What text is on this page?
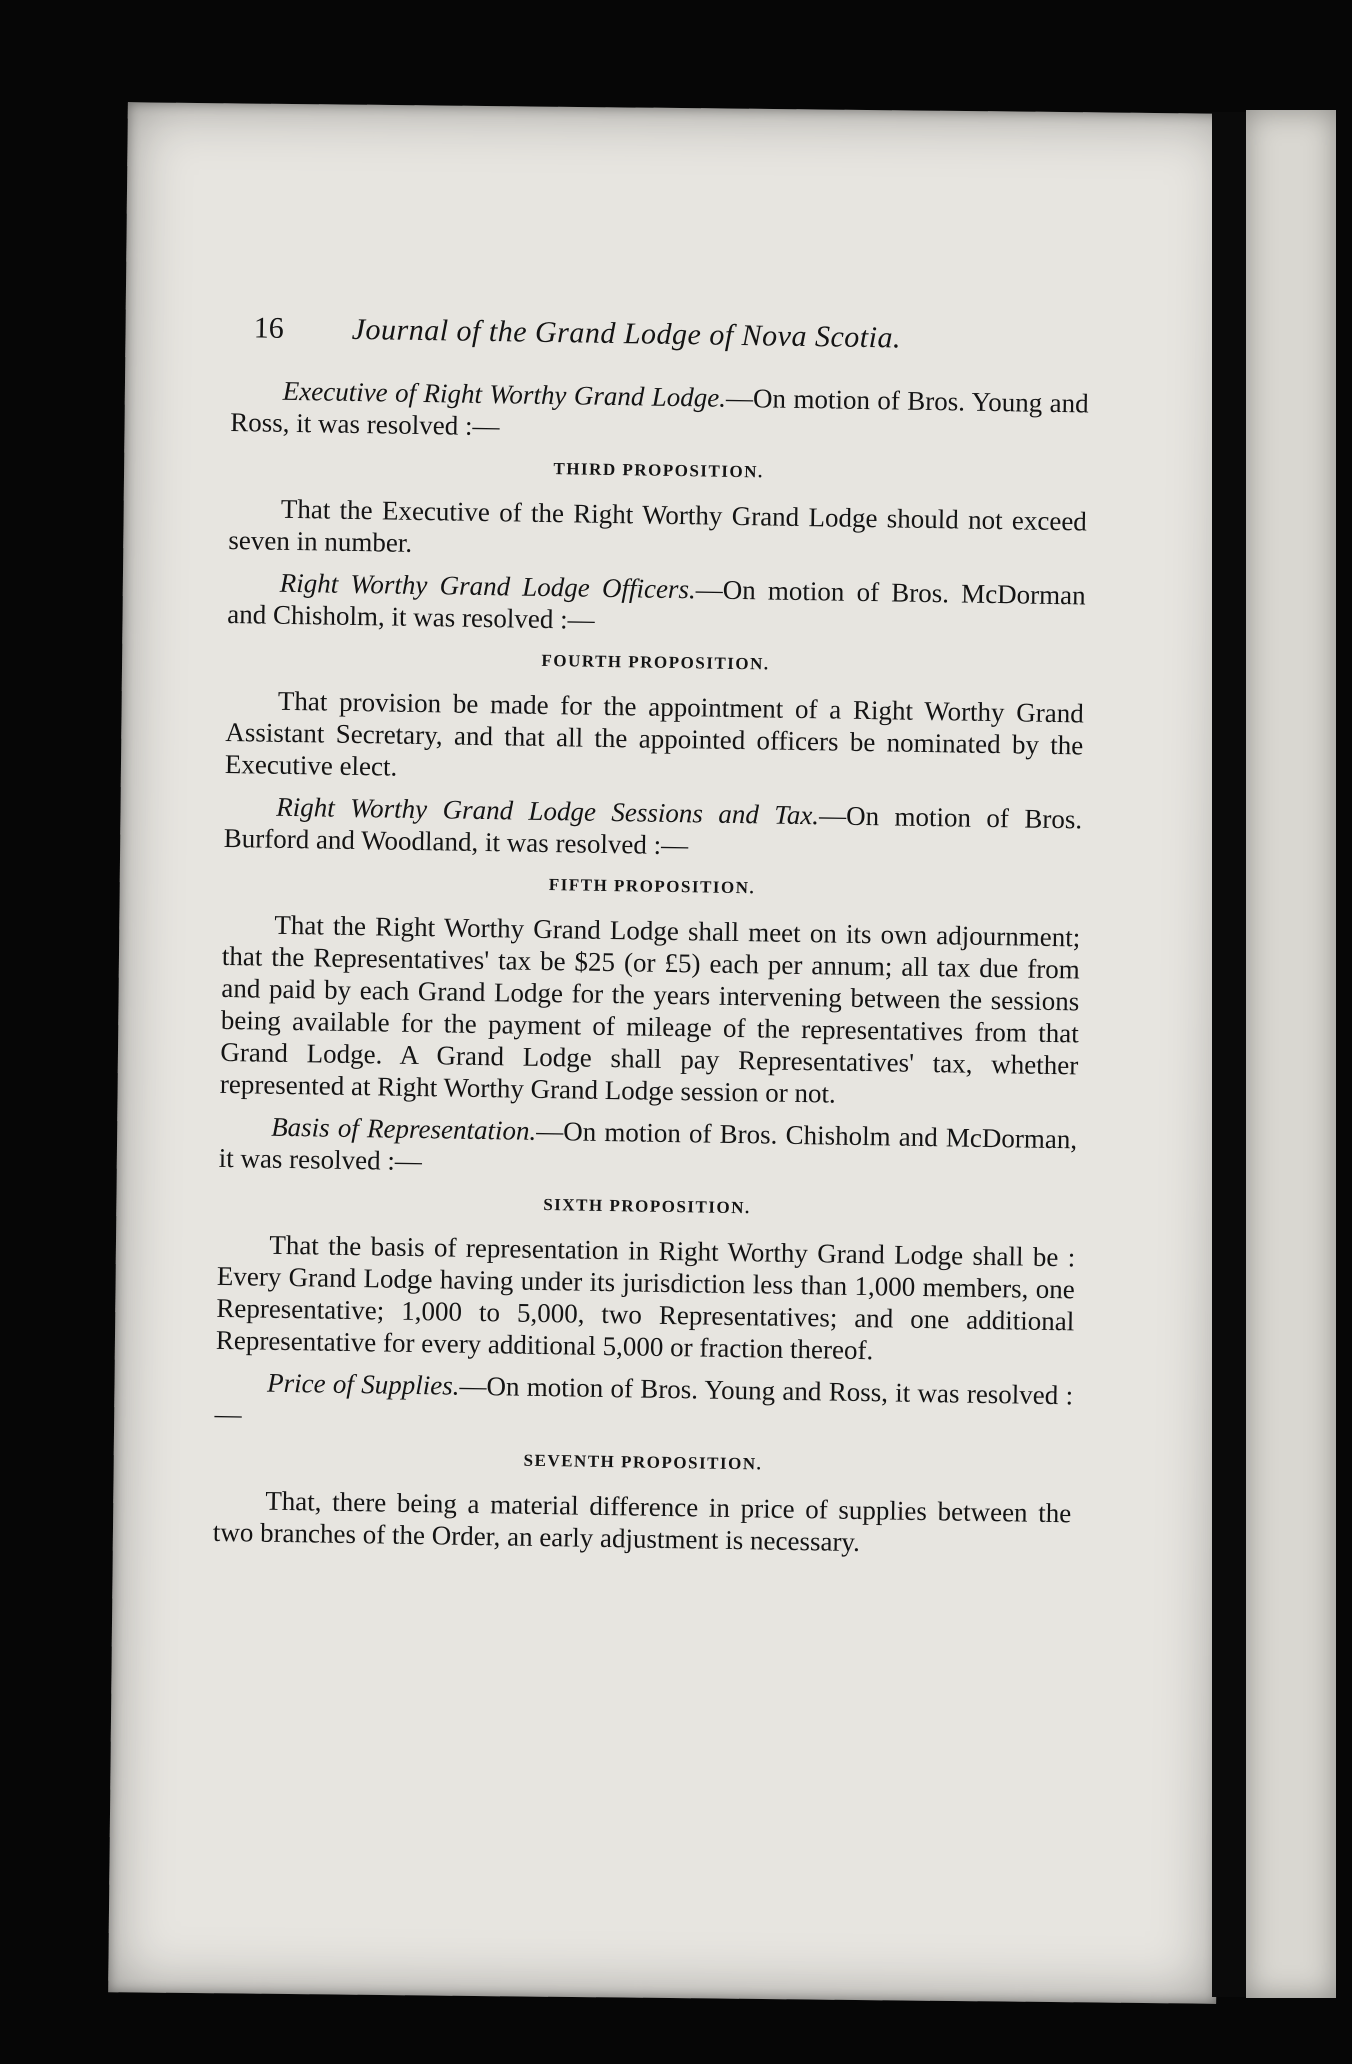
16 Journal of the Grand Lodge of Nova Scotia.

Executive of Right Worthy Grand Lodge.—On motion of Bros. Young and Ross, it was resolved :—

THIRD PROPOSITION.

That the Executive of the Right Worthy Grand Lodge should not exceed seven in number.

Right Worthy Grand Lodge Officers.—On motion of Bros. McDorman and Chisholm, it was resolved :—

FOURTH PROPOSITION.

That provision be made for the appointment of a Right Worthy Grand Assistant Secretary, and that all the appointed officers be nominated by the Executive elect.

Right Worthy Grand Lodge Sessions and Tax.—On motion of Bros. Burford and Woodland, it was resolved :—

FIFTH PROPOSITION.

That the Right Worthy Grand Lodge shall meet on its own adjournment; that the Representatives' tax be $25 (or £5) each per annum; all tax due from and paid by each Grand Lodge for the years intervening between the sessions being available for the payment of mileage of the representatives from that Grand Lodge. A Grand Lodge shall pay Representatives' tax, whether represented at Right Worthy Grand Lodge session or not.

Basis of Representation.—On motion of Bros. Chisholm and McDorman, it was resolved :—

SIXTH PROPOSITION.

That the basis of representation in Right Worthy Grand Lodge shall be : Every Grand Lodge having under its jurisdiction less than 1,000 members, one Representative; 1,000 to 5,000, two Representatives; and one additional Representative for every additional 5,000 or fraction thereof.

Price of Supplies.—On motion of Bros. Young and Ross, it was resolved :—

SEVENTH PROPOSITION.

That, there being a material difference in price of supplies between the two branches of the Order, an early adjustment is necessary.
